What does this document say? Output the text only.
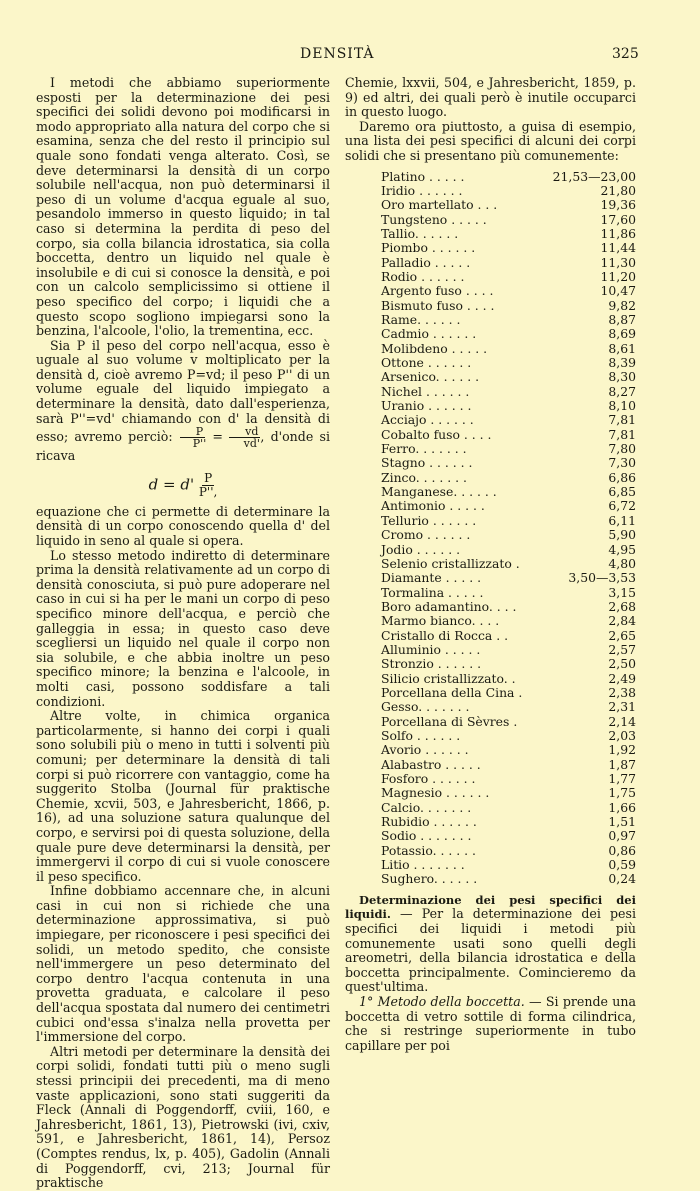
DENSITÀ	325

I metodi che abbiamo superiormente esposti per la determinazione dei pesi specifici dei solidi devono poi modificarsi in modo appropriato alla natura del corpo che si esamina, senza che del resto il principio sul quale sono fondati venga alterato. Così, se deve determinarsi la densità di un corpo solubile nell'acqua, non può determinarsi il peso di un volume d'acqua eguale al suo, pesandolo immerso in questo liquido; in tal caso si determina la perdita di peso del corpo, sia colla bilancia idrostatica, sia colla boccetta, dentro un liquido nel quale è insolubile e di cui si conosce la densità, e poi con un calcolo semplicissimo si ottiene il peso specifico del corpo; i liquidi che a questo scopo sogliono impiegarsi sono la benzina, l'alcoole, l'olio, la trementina, ecc.

Sia P il peso del corpo nell'acqua, esso è uguale al suo volume v moltiplicato per la densità d, cioè avremo P=vd; il peso P'' di un volume eguale del liquido impiegato a determinare la densità, dato dall'esperienza, sarà P''=vd' chiamando con d' la densità di esso; avremo perciò: $\frac{P}{P''} = \frac{vd}{vd'}$ , d'onde si ricava

$d = d' \frac{P}{P'',}$

equazione che ci permette di determinare la densità di un corpo conoscendo quella d' del liquido in seno al quale si opera.

Lo stesso metodo indiretto di determinare prima la densità relativamente ad un corpo di densità conosciuta, si può pure adoperare nel caso in cui si ha per le mani un corpo di peso specifico minore dell'acqua, e perciò che galleggia in essa; in questo caso deve scegliersi un liquido nel quale il corpo non sia solubile, e che abbia inoltre un peso specifico minore; la benzina e l'alcoole, in molti casi, possono soddisfare a tali condizioni.

Altre volte, in chimica organica particolarmente, si hanno dei corpi i quali sono solubili più o meno in tutti i solventi più comuni; per determinare la densità di tali corpi si può ricorrere con vantaggio, come ha suggerito Stolba (Journal für praktische Chemie, xcvii, 503, e Jahresbericht, 1866, p. 16), ad una soluzione satura qualunque del corpo, e servirsi poi di questa soluzione, della quale pure deve determinarsi la densità, per immergervi il corpo di cui si vuole conoscere il peso specifico.

Infine dobbiamo accennare che, in alcuni casi in cui non si richiede che una determinazione approssimativa, si può impiegare, per riconoscere i pesi specifici dei solidi, un metodo spedito, che consiste nell'immergere un peso determinato del corpo dentro l'acqua contenuta in una provetta graduata, e calcolare il peso dell'acqua spostata dal numero dei centimetri cubici ond'essa s'inalza nella provetta per l'immersione del corpo.

Altri metodi per determinare la densità dei corpi solidi, fondati tutti più o meno sugli stessi principii dei precedenti, ma di meno vaste applicazioni, sono stati suggeriti da Fleck (Annali di Poggendorff, cviii, 160, e Jahresbericht, 1861, 13), Pietrowski (ivi, cxiv, 591, e Jahresbericht, 1861, 14), Persoz (Comptes rendus, lx, p. 405), Gadolin (Annali di Poggendorff, cvi, 213; Journal für praktische

Chemie, lxxvii, 504, e Jahresbericht, 1859, p. 9) ed altri, dei quali però è inutile occuparci in questo luogo.

Daremo ora piuttosto, a guisa di esempio, una lista dei pesi specifici di alcuni dei corpi solidi che si presentano più comunemente:

Platino . . . . .	21,53—23,00
Iridio . . . . . .	21,80
Oro martellato . . .	19,36
Tungsteno . . . . .	17,60
Tallio. . . . . .	11,86
Piombo . . . . . .	11,44
Palladio . . . . .	11,30
Rodio . . . . . .	11,20
Argento fuso . . . .	10,47
Bismuto fuso . . . .	9,82
Rame. . . . . .	8,87
Cadmio . . . . . .	8,69
Molibdeno . . . . .	8,61
Ottone . . . . . .	8,39
Arsenico. . . . . .	8,30
Nichel . . . . . .	8,27
Uranio . . . . . .	8,10
Acciajo . . . . . .	7,81
Cobalto fuso . . . .	7,81
Ferro. . . . . . .	7,80
Stagno . . . . . .	7,30
Zinco. . . . . . .	6,86
Manganese. . . . . .	6,85
Antimonio . . . . .	6,72
Tellurio . . . . . .	6,11
Cromo . . . . . .	5,90
Jodio . . . . . .	4,95
Selenio cristallizzato .	4,80
Diamante . . . . .	3,50—3,53
Tormalina . . . . .	3,15
Boro adamantino. . . .	2,68
Marmo bianco. . . .	2,84
Cristallo di Rocca . .	2,65
Alluminio . . . . .	2,57
Stronzio . . . . . .	2,50
Silicio cristallizzato. .	2,49
Porcellana della Cina .	2,38
Gesso. . . . . . .	2,31
Porcellana di Sèvres .	2,14
Solfo . . . . . .	2,03
Avorio . . . . . .	1,92
Alabastro . . . . .	1,87
Fosforo . . . . . .	1,77
Magnesio . . . . . .	1,75
Calcio. . . . . . .	1,66
Rubidio . . . . . .	1,51
Sodio . . . . . . .	0,97
Potassio. . . . . .	0,86
Litio . . . . . . .	0,59
Sughero. . . . . .	0,24

Determinazione dei pesi specifici dei liquidi. — Per la determinazione dei pesi specifici dei liquidi i metodi più comunemente usati sono quelli degli areometri, della bilancia idrostatica e della boccetta principalmente. Comincieremo da quest'ultima.

1° Metodo della boccetta. — Si prende una boccetta di vetro sottile di forma cilindrica, che si restringe superiormente in tubo capillare per poi
